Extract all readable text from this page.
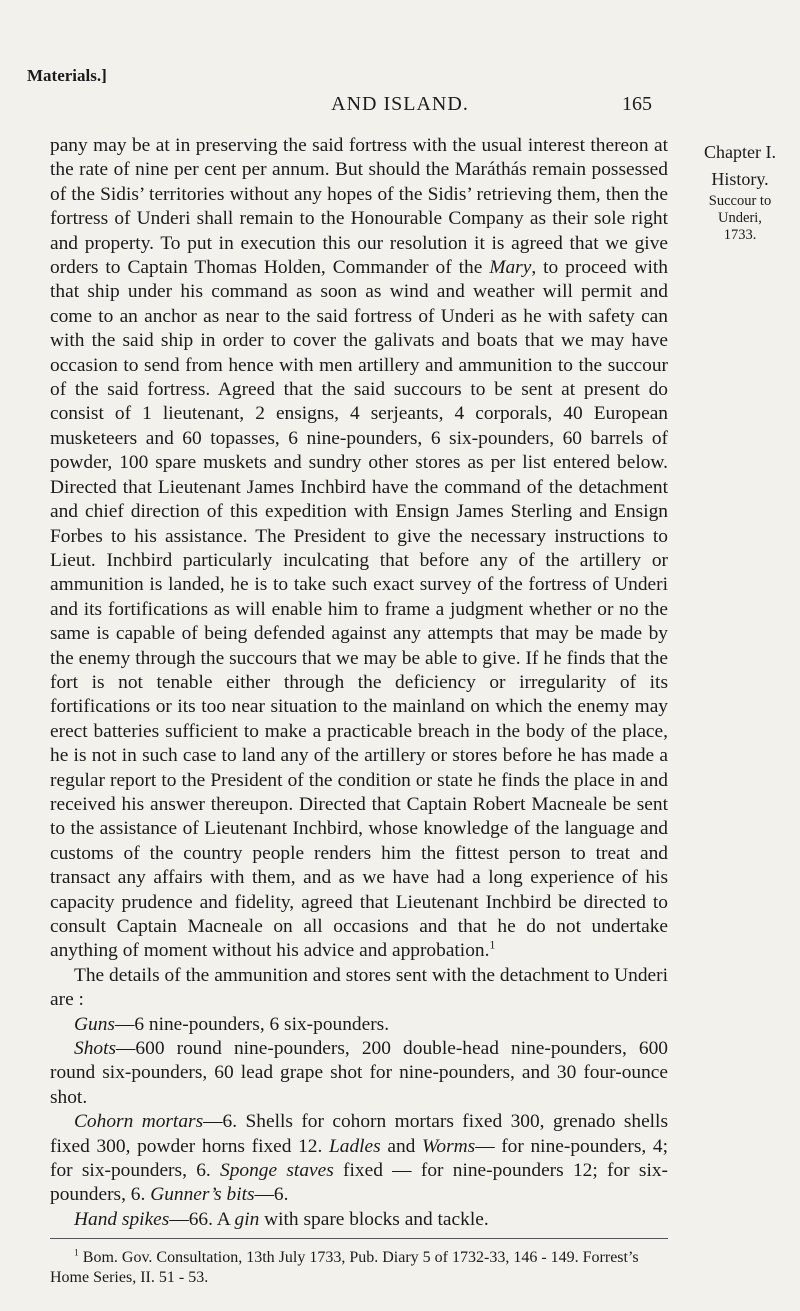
Materials.]
AND ISLAND.	165

pany may be at in preserving the said fortress with the usual interest thereon at the rate of nine per cent per annum. But should the Maráthás remain possessed of the Sidis’ territories without any hopes of the Sidis’ retrieving them, then the fortress of Underi shall remain to the Honourable Company as their sole right and property. To put in execution this our resolution it is agreed that we give orders to Captain Thomas Holden, Commander of the Mary, to proceed with that ship under his command as soon as wind and weather will permit and come to an anchor as near to the said fortress of Underi as he with safety can with the said ship in order to cover the galivats and boats that we may have occasion to send from hence with men artillery and ammunition to the succour of the said fortress. Agreed that the said succours to be sent at present do consist of 1 lieutenant, 2 ensigns, 4 serjeants, 4 corporals, 40 European musketeers and 60 topasses, 6 nine-pounders, 6 six-pounders, 60 barrels of powder, 100 spare muskets and sundry other stores as per list entered below. Directed that Lieutenant James Inchbird have the command of the detachment and chief direction of this expedition with Ensign James Sterling and Ensign Forbes to his assistance. The President to give the necessary instructions to Lieut. Inchbird particularly inculcating that before any of the artillery or ammunition is landed, he is to take such exact survey of the fortress of Underi and its fortifications as will enable him to frame a judgment whether or no the same is capable of being defended against any attempts that may be made by the enemy through the succours that we may be able to give. If he finds that the fort is not tenable either through the deficiency or irregularity of its fortifications or its too near situation to the mainland on which the enemy may erect batteries sufficient to make a practicable breach in the body of the place, he is not in such case to land any of the artillery or stores before he has made a regular report to the President of the condition or state he finds the place in and received his answer thereupon. Directed that Captain Robert Macneale be sent to the assistance of Lieutenant Inchbird, whose knowledge of the language and customs of the country people renders him the fittest person to treat and transact any affairs with them, and as we have had a long experience of his capacity prudence and fidelity, agreed that Lieutenant Inchbird be directed to consult Captain Macneale on all occasions and that he do not undertake anything of moment without his advice and approbation.$^1$

The details of the ammunition and stores sent with the detachment to Underi are :

Guns—6 nine-pounders, 6 six-pounders.

Shots—600 round nine-pounders, 200 double-head nine-pounders, 600 round six-pounders, 60 lead grape shot for nine-pounders, and 30 four-ounce shot.

Cohorn mortars—6. Shells for cohorn mortars fixed 300, grenado shells fixed 300, powder horns fixed 12. Ladles and Worms— for nine-pounders, 4; for six-pounders, 6. Sponge staves fixed — for nine-pounders 12; for six-pounders, 6. Gunner’s bits—6.

Hand spikes—66. A gin with spare blocks and tackle.

Chapter I.
History.
Succour to
Underi,
1733.

$^1$ Bom. Gov. Consultation, 13th July 1733, Pub. Diary 5 of 1732-33, 146 - 149. Forrest’s Home Series, II. 51 - 53.
